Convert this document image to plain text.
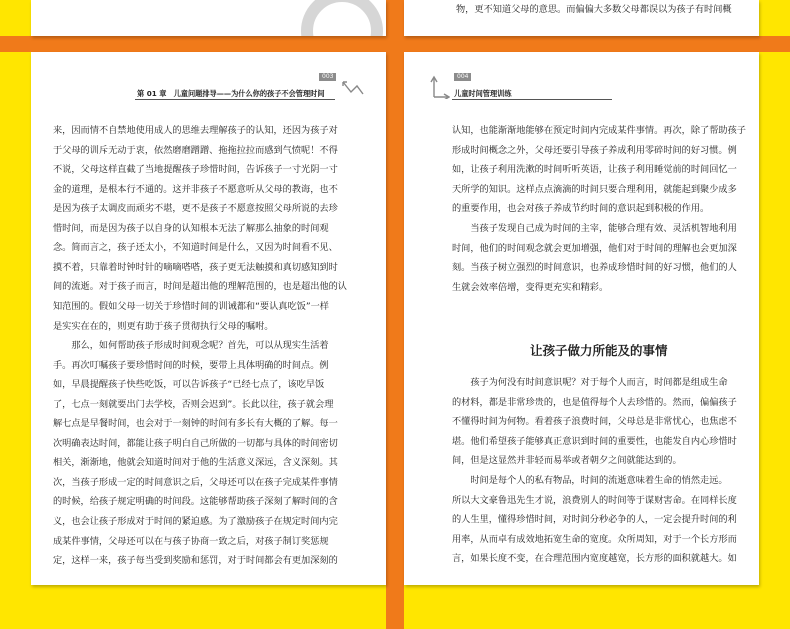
物，更不知道父母的意思。而偏偏大多数父母都误以为孩子有时间概
003
第 01 章　儿童问题排导——为什么你的孩子不会管理时间
来，因而情不自禁地使用成人的思维去理解孩子的认知，还因为孩子对
于父母的训斥无动于衷，依然磨磨蹭蹭、拖拖拉拉而感到气愤呢！不得
不说，父母这样直截了当地提醒孩子珍惜时间，告诉孩子一寸光阴一寸
金的道理，是根本行不通的。这并非孩子不愿意听从父母的教诲，也不
是因为孩子太调皮而顽劣不堪，更不是孩子不愿意按照父母所说的去珍
惜时间，而是因为孩子以自身的认知根本无法了解那么抽象的时间观
念。简而言之，孩子还太小，不知道时间是什么，又因为时间看不见、
摸不着，只靠着时钟时针的嘀嘀嗒嗒，孩子更无法触摸和真切感知到时
间的流逝。对于孩子而言，时间是超出他的理解范围的，也是超出他的认
知范围的。假如父母一切关于珍惜时间的训诫都和“要认真吃饭”一样
是实实在在的，则更有助于孩子贯彻执行父母的嘱咐。
　　那么，如何帮助孩子形成时间观念呢？首先，可以从现实生活着
手。再次叮嘱孩子要珍惜时间的时候，要带上具体明确的时间点。例
如，早晨提醒孩子快些吃饭，可以告诉孩子“已经七点了，该吃早饭
了，七点一刻就要出门去学校，否则会迟到”。长此以往，孩子就会理
解七点是早餐时间，也会对于一刻钟的时间有多长有大概的了解。每一
次明确表达时间，都能让孩子明白自己所做的一切都与具体的时间密切
相关，渐渐地，他就会知道时间对于他的生活意义深远，含义深刻。其
次，当孩子形成一定的时间意识之后，父母还可以在孩子完成某件事情
的时候，给孩子规定明确的时间段。这能够帮助孩子深刻了解时间的含
义，也会让孩子形成对于时间的紧迫感。为了激励孩子在规定时间内完
成某件事情，父母还可以在与孩子协商一致之后，对孩子制订奖惩规
定，这样一来，孩子每当受到奖励和惩罚，对于时间都会有更加深刻的
004
儿童时间管理训练
认知，也能渐渐地能够在预定时间内完成某件事情。再次，除了帮助孩子
形成时间概念之外，父母还要引导孩子养成利用零碎时间的好习惯。例
如，让孩子利用洗漱的时间听听英语，让孩子利用睡觉前的时间回忆一
天所学的知识。这样点点滴滴的时间只要合理利用，就能起到聚少成多
的重要作用，也会对孩子养成节约时间的意识起到积极的作用。
　　当孩子发现自己成为时间的主宰，能够合理有效、灵活机智地利用
时间，他们的时间观念就会更加增强，他们对于时间的理解也会更加深
刻。当孩子树立强烈的时间意识，也养成珍惜时间的好习惯，他们的人
生就会效率倍增，变得更充实和精彩。
让孩子做力所能及的事情
　　孩子为何没有时间意识呢？对于每个人而言，时间都是组成生命
的材料，都是非常珍贵的，也是值得每个人去珍惜的。然而，偏偏孩子
不懂得时间为何物。看着孩子浪费时间，父母总是非常忧心，也焦虑不
堪。他们希望孩子能够真正意识到时间的重要性，也能发自内心珍惜时
间，但是这显然并非轻而易举或者朝夕之间就能达到的。
　　时间是每个人的私有物品，时间的流逝意味着生命的悄然走远。
所以大文豪鲁迅先生才说，浪费别人的时间等于谋财害命。在同样长度
的人生里，懂得珍惜时间，对时间分秒必争的人，一定会提升时间的利
用率，从而卓有成效地拓宽生命的宽度。众所周知，对于一个长方形而
言，如果长度不变，在合理范围内宽度越宽，长方形的面积就越大。如
